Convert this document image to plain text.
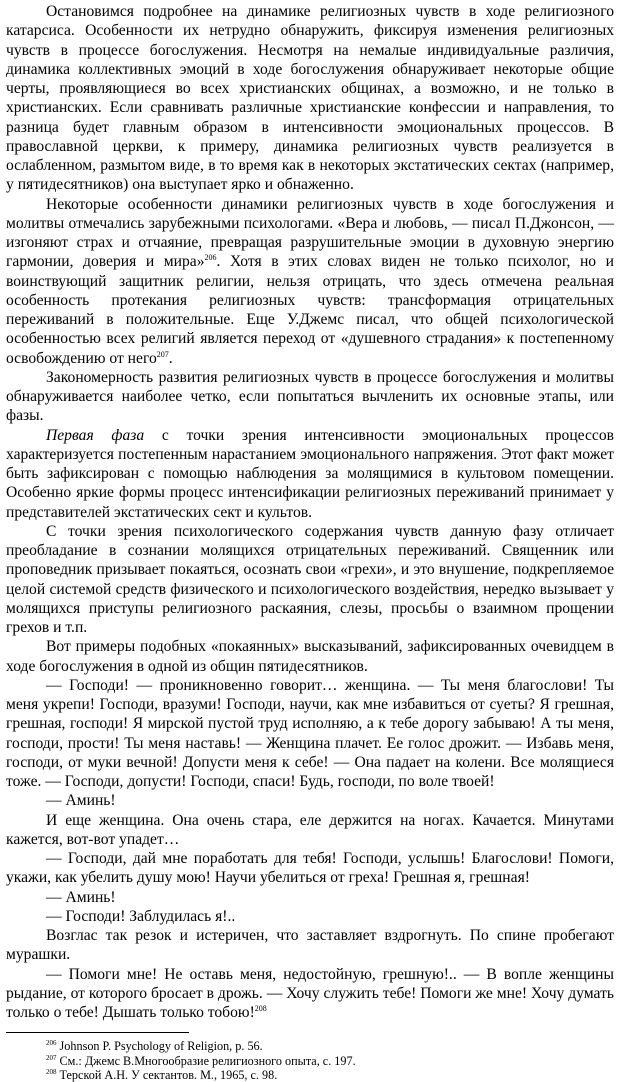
Остановимся подробнее на динамике религиозных чувств в ходе религиозного катарсиса. Особенности их нетрудно обнаружить, фиксируя изменения религиозных чувств в процессе богослужения. Несмотря на немалые индивидуальные различия, динамика коллективных эмоций в ходе богослужения обнаруживает некоторые общие черты, проявляющиеся во всех христианских общинах, а возможно, и не только в христианских. Если сравнивать различные христианские конфессии и направления, то разница будет главным образом в интенсивности эмоциональных процессов. В православной церкви, к примеру, динамика религиозных чувств реализуется в ослабленном, размытом виде, в то время как в некоторых экстатических сектах (например, у пятидесятников) она выступает ярко и обнаженно.

Некоторые особенности динамики религиозных чувств в ходе богослужения и молитвы отмечались зарубежными психологами. «Вера и любовь, — писал П.Джонсон, — изгоняют страх и отчаяние, превращая разрушительные эмоции в духовную энергию гармонии, доверия и мира»$^{206}$. Хотя в этих словах виден не только психолог, но и воинствующий защитник религии, нельзя отрицать, что здесь отмечена реальная особенность протекания религиозных чувств: трансформация отрицательных переживаний в положительные. Еще У.Джемс писал, что общей психологической особенностью всех религий является переход от «душевного страдания» к постепенному освобождению от него$^{207}$.

Закономерность развития религиозных чувств в процессе богослужения и молитвы обнаруживается наиболее четко, если попытаться вычленить их основные этапы, или фазы.

Первая фаза с точки зрения интенсивности эмоциональных процессов характеризуется постепенным нарастанием эмоционального напряжения. Этот факт может быть зафиксирован с помощью наблюдения за молящимися в культовом помещении. Особенно яркие формы процесс интенсификации религиозных переживаний принимает у представителей экстатических сект и культов.

С точки зрения психологического содержания чувств данную фазу отличает преобладание в сознании молящихся отрицательных переживаний. Священник или проповедник призывает покаяться, осознать свои «грехи», и это внушение, подкрепляемое целой системой средств физического и психологического воздействия, нередко вызывает у молящихся приступы религиозного раскаяния, слезы, просьбы о взаимном прощении грехов и т.п.

Вот примеры подобных «покаянных» высказываний, зафиксированных очевидцем в ходе богослужения в одной из общин пятидесятников.

— Господи! — проникновенно говорит… женщина. — Ты меня благослови! Ты меня укрепи! Господи, вразуми! Господи, научи, как мне избавиться от суеты? Я грешная, грешная, господи! Я мирской пустой труд исполняю, а к тебе дорогу забываю! А ты меня, господи, прости! Ты меня наставь! — Женщина плачет. Ее голос дрожит. — Избавь меня, господи, от муки вечной! Допусти меня к себе! — Она падает на колени. Все молящиеся тоже. — Господи, допусти! Господи, спаси! Будь, господи, по воле твоей!

— Аминь!

И еще женщина. Она очень стара, еле держится на ногах. Качается. Минутами кажется, вот-вот упадет…

— Господи, дай мне поработать для тебя! Господи, услышь! Благослови! Помоги, укажи, как убелить душу мою! Научи убелиться от греха! Грешная я, грешная!

— Аминь!

— Господи! Заблудилась я!..

Возглас так резок и истеричен, что заставляет вздрогнуть. По спине пробегают мурашки.

— Помоги мне! Не оставь меня, недостойную, грешную!.. — В вопле женщины рыдание, от которого бросает в дрожь. — Хочу служить тебе! Помоги же мне! Хочу думать только о тебе! Дышать только тобою!$^{208}$

$^{206}$ Johnson P. Psychology of Religion, p. 56.

$^{207}$ См.: Джемс В.Многообразие религиозного опыта, с. 197.

$^{208}$ Терской А.Н. У сектантов. М., 1965, с. 98.
